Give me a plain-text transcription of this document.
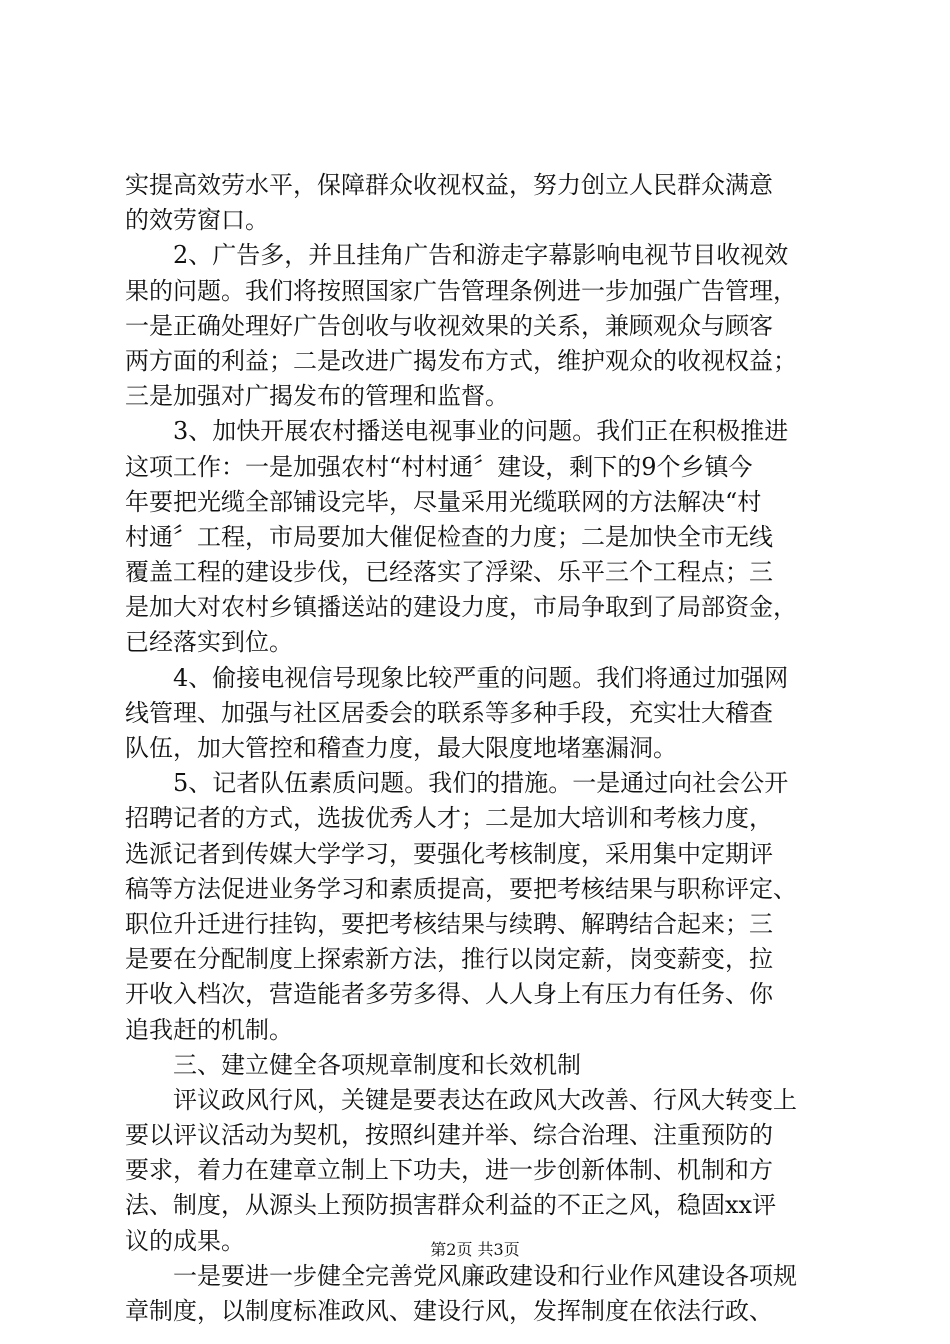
实提高效劳水平，保障群众收视权益，努力创立人民群众满意
的效劳窗口。
　　2、广告多，并且挂角广告和游走字幕影响电视节目收视效
果的问题。我们将按照国家广告管理条例进一步加强广告管理，
一是正确处理好广告创收与收视效果的关系，兼顾观众与顾客
两方面的利益；二是改进广揭发布方式，维护观众的收视权益；
三是加强对广揭发布的管理和监督。
　　3、加快开展农村播送电视事业的问题。我们正在积极推进
这项工作：一是加强农村“村村通〞建设，剩下的9个乡镇今
年要把光缆全部铺设完毕，尽量采用光缆联网的方法解决“村
村通〞工程，市局要加大催促检查的力度；二是加快全市无线
覆盖工程的建设步伐，已经落实了浮梁、乐平三个工程点；三
是加大对农村乡镇播送站的建设力度，市局争取到了局部资金，
已经落实到位。
　　4、偷接电视信号现象比较严重的问题。我们将通过加强网
线管理、加强与社区居委会的联系等多种手段，充实壮大稽查
队伍，加大管控和稽查力度，最大限度地堵塞漏洞。
　　5、记者队伍素质问题。我们的措施。一是通过向社会公开
招聘记者的方式，选拔优秀人才；二是加大培训和考核力度，
选派记者到传媒大学学习，要强化考核制度，采用集中定期评
稿等方法促进业务学习和素质提高，要把考核结果与职称评定、
职位升迁进行挂钩，要把考核结果与续聘、解聘结合起来；三
是要在分配制度上探索新方法，推行以岗定薪，岗变薪变，拉
开收入档次，营造能者多劳多得、人人身上有压力有任务、你
追我赶的机制。
　　三、建立健全各项规章制度和长效机制
　　评议政风行风，关键是要表达在政风大改善、行风大转变上
要以评议活动为契机，按照纠建并举、综合治理、注重预防的
要求，着力在建章立制上下功夫，进一步创新体制、机制和方
法、制度，从源头上预防损害群众利益的不正之风，稳固xx评
议的成果。
　　一是要进一步健全完善党风廉政建设和行业作风建设各项规
章制度，以制度标准政风、建设行风，发挥制度在依法行政、
第2页 共3页
